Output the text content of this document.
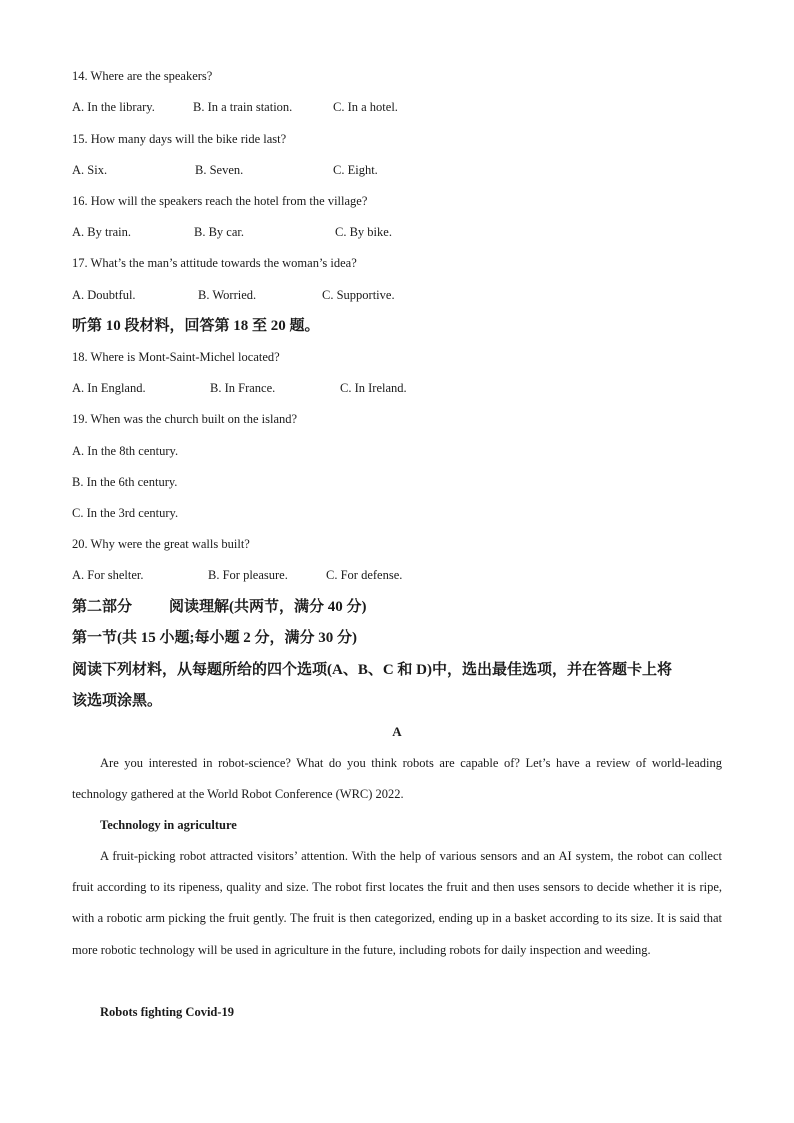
14. Where are the speakers?
A. In the library.	B. In a train station.	C. In a hotel.
15. How many days will the bike ride last?
A. Six.	B. Seven.	C. Eight.
16. How will the speakers reach the hotel from the village?
A. By train.	B. By car.	C. By bike.
17. What’s the man’s attitude towards the woman’s idea?
A. Doubtful.	B. Worried.	C. Supportive.
听第 10 段材料，回答第 18 至 20 题。
18. Where is Mont-Saint-Michel located?
A. In England.	B. In France.	C. In Ireland.
19. When was the church built on the island?
A. In the 8th century.
B. In the 6th century.
C. In the 3rd century.
20. Why were the great walls built?
A. For shelter.	B. For pleasure.	C. For defense.
第二部分 阅读理解(共两节，满分 40 分)
第一节(共 15 小题;每小题 2 分，满分 30 分)
阅读下列材料，从每题所给的四个选项(A、B、C 和 D)中，选出最佳选项，并在答题卡上将
该选项涂黑。
A
Are you interested in robot-science? What do you think robots are capable of? Let’s have a review of world-leading technology gathered at the World Robot Conference (WRC) 2022.
Technology in agriculture
A fruit-picking robot attracted visitors’ attention. With the help of various sensors and an AI system, the robot can collect fruit according to its ripeness, quality and size. The robot first locates the fruit and then uses sensors to decide whether it is ripe, with a robotic arm picking the fruit gently. The fruit is then categorized, ending up in a basket according to its size. It is said that more robotic technology will be used in agriculture in the future, including robots for daily inspection and weeding.
Robots fighting Covid-19
